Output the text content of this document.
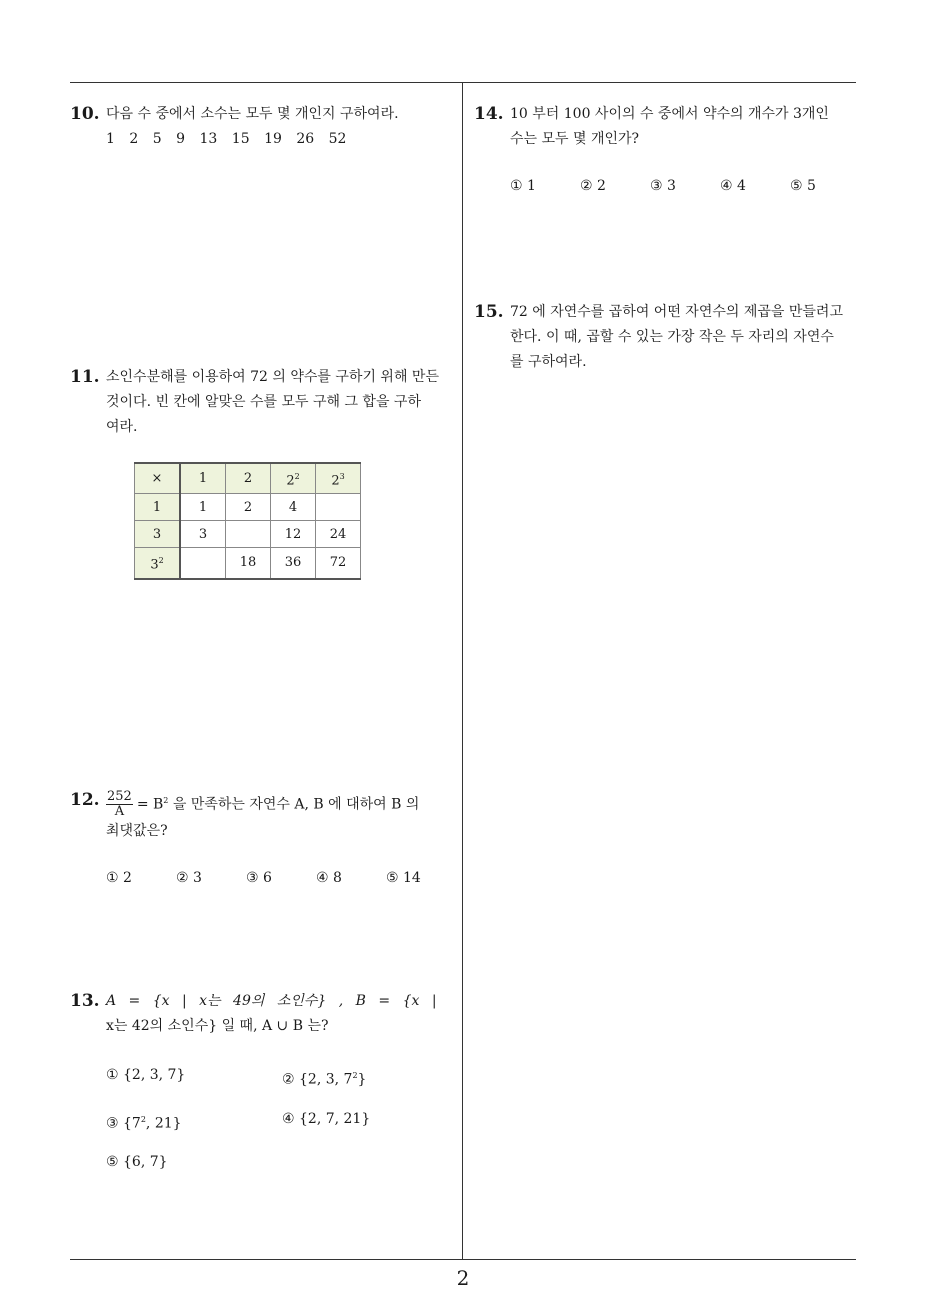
10. 다음 수 중에서 소수는 모두 몇 개인지 구하여라.
1 2 5 9 13 15 19 26 52
11. 소인수분해를 이용하여 72 의 약수를 구하기 위해 만든
것이다. 빈 칸에 알맞은 수를 모두 구해 그 합을 구하
여라.
×	1	2	$2^2$	$2^3$
1	1	2	4	
3	3		12	24
$3^2$		18	36	72
12. $\frac{252}{A} = B^2$ 을 만족하는 자연수 A, B 에 대하여 B 의
최댓값은?
① 2	② 3	③ 6	④ 8	⑤ 14
13. A = {x | x는 49의 소인수} , B = {x |
x는 42의 소인수} 일 때, A ∪ B 는?
① {2, 3, 7}	② {2, 3, $7^2$}
③ {$7^2$, 21}	④ {2, 7, 21}
⑤ {6, 7}
14. 10 부터 100 사이의 수 중에서 약수의 개수가 3개인
수는 모두 몇 개인가?
① 1	② 2	③ 3	④ 4	⑤ 5
15. 72 에 자연수를 곱하여 어떤 자연수의 제곱을 만들려고
한다. 이 때, 곱할 수 있는 가장 작은 두 자리의 자연수
를 구하여라.
2
